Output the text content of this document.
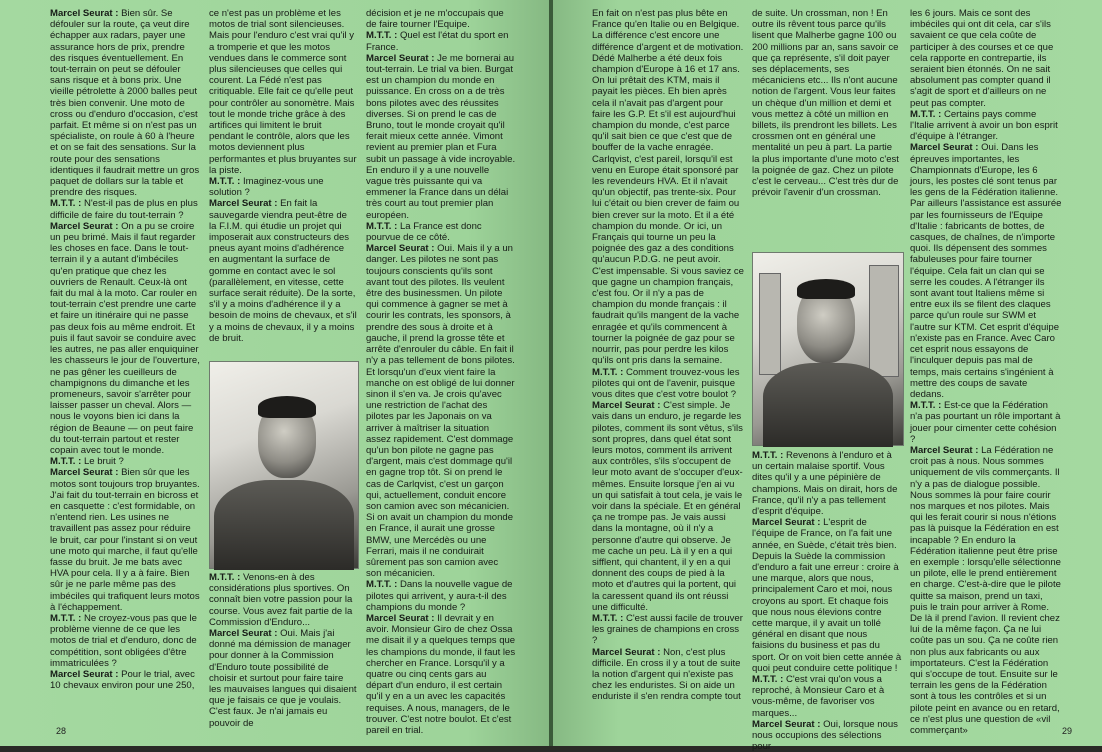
Marcel Seurat : Bien sûr. Se défouler sur la route, ça veut dire échapper aux radars, payer une assurance hors de prix, prendre des risques éventuellement. En tout-terrain on peut se défouler sans risque et à bons prix. Une vieille pétrolette à 2000 balles peut très bien convenir. Une moto de cross ou d'enduro d'occasion, c'est parfait. Et même si on n'est pas un spécialiste, on roule à 60 à l'heure et on se fait des sensations. Sur la route pour des sensations identiques il faudrait mettre un gros paquet de dollars sur la table et prendre des risques.

M.T.T. : N'est-il pas de plus en plus difficile de faire du tout-terrain ?

Marcel Seurat : On a pu se croire un peu brimé. Mais il faut regarder les choses en face. Dans le tout-terrain il y a autant d'imbéciles qu'en pratique que chez les ouvriers de Renault. Ceux-là ont fait du mal à la moto. Car rouler en tout-terrain c'est prendre une carte et faire un itinéraire qui ne passe pas deux fois au même endroit. Et puis il faut savoir se conduire avec les autres, ne pas aller enquiquiner les chasseurs le jour de l'ouverture, ne pas gêner les cueilleurs de champignons du dimanche et les promeneurs, savoir s'arrêter pour laisser passer un cheval. Alors —nous le voyons bien ici dans la région de Beaune — on peut faire du tout-terrain partout et rester copain avec tout le monde.

M.T.T. : Le bruit ?

Marcel Seurat : Bien sûr que les motos sont toujours trop bruyantes. J'ai fait du tout-terrain en bicross et en casquette : c'est formidable, on n'entend rien. Les usines ne travaillent pas assez pour réduire le bruit, car pour l'instant si on veut une moto qui marche, il faut qu'elle fasse du bruit. Je me bats avec HVA pour cela. Il y a à faire. Bien sûr je ne parle même pas des imbéciles qui trafiquent leurs motos à l'échappement.

M.T.T. : Ne croyez-vous pas que le problème vienne de ce que les motos de trial et d'enduro, donc de compétition, sont obligées d'être immatriculées ?

Marcel Seurat : Pour le trial, avec 10 chevaux environ pour une 250,

ce n'est pas un problème et les motos de trial sont silencieuses. Mais pour l'enduro c'est vrai qu'il y a tromperie et que les motos vendues dans le commerce sont plus silencieuses que celles qui courent. La Fédé n'est pas critiquable. Elle fait ce qu'elle peut pour contrôler au sonomètre. Mais tout le monde triche grâce à des artifices qui limitent le bruit pendant le contrôle, alors que les motos deviennent plus performantes et plus bruyantes sur la piste.

M.T.T. : Imaginez-vous une solution ?

Marcel Seurat : En fait la sauvegarde viendra peut-être de la F.I.M. qui étudie un projet qui imposerait aux constructeurs des pneus ayant moins d'adhérence en augmentant la surface de gomme en contact avec le sol (parallèlement, en vitesse, cette surface serait réduite). De la sorte, s'il y a moins d'adhérence il y a besoin de moins de chevaux, et s'il y a moins de chevaux, il y a moins de bruit.

M.T.T. : Venons-en à des considérations plus sportives. On connaît bien votre passion pour la course. Vous avez fait partie de la Commission d'Enduro...

Marcel Seurat : Oui. Mais j'ai donné ma démission de manager pour donner à la Commission d'Enduro toute possibilité de choisir et surtout pour faire taire les mauvaises langues qui disaient que je faisais ce que je voulais. C'est faux. Je n'ai jamais eu pouvoir de

décision et je ne m'occupais que de faire tourner l'Equipe.

M.T.T. : Quel est l'état du sport en France.

Marcel Seurat : Je me bornerai au tout-terrain. Le trial va bien. Burgat est un champion du monde en puissance. En cross on a de très bons pilotes avec des réussites diverses. Si on prend le cas de Bruno, tout le monde croyait qu'il ferait mieux cette année. Vimont revient au premier plan et Fura subit un passage à vide incroyable. En enduro il y a une nouvelle vague très puissante qui va emmener la France dans un délai très court au tout premier plan européen.

M.T.T. : La France est donc pourvue de ce côté.

Marcel Seurat : Oui. Mais il y a un danger. Les pilotes ne sont pas toujours conscients qu'ils sont avant tout des pilotes. Ils veulent être des businessmen. Un pilote qui commence à gagner se met à courir les contrats, les sponsors, à prendre des sous à droite et à gauche, il prend la grosse tête et arrête d'enrouler du câble. En fait il n'y a pas tellement de bons pilotes. Et lorsqu'un d'eux vient faire la manche on est obligé de lui donner sinon il s'en va. Je crois qu'avec une restriction de l'achat des pilotes par les Japonais on va arriver à maîtriser la situation assez rapidement. C'est dommage qu'un bon pilote ne gagne pas d'argent, mais c'est dommage qu'il en gagne trop tôt. Si on prend le cas de Carlqvist, c'est un garçon qui, actuellement, conduit encore son camion avec son mécanicien. Si on avait un champion du monde en France, il aurait une grosse BMW, une Mercédès ou une Ferrari, mais il ne conduirait sûrement pas son camion avec son mécanicien.

M.T.T. : Dans la nouvelle vague de pilotes qui arrivent, y aura-t-il des champions du monde ?

Marcel Seurat : Il devrait y en avoir. Monsieur Giro de chez Ossa me disait il y a quelques temps que les champions du monde, il faut les chercher en France. Lorsqu'il y a quatre ou cinq cents gars au départ d'un enduro, il est certain qu'il y en a un avec les capacités requises. A nous, managers, de le trouver. C'est notre boulot. Et c'est pareil en trial.

28

En fait on n'est pas plus bête en France qu'en Italie ou en Belgique. La différence c'est encore une différence d'argent et de motivation. Dédé Malherbe a été deux fois champion d'Europe à 16 et 17 ans. On lui prêtait des KTM, mais il payait les pièces. Eh bien après cela il n'avait pas d'argent pour faire les G.P. Et s'il est aujourd'hui champion du monde, c'est parce qu'il sait bien ce que c'est que de bouffer de la vache enragée. Carlqvist, c'est pareil, lorsqu'il est venu en Europe était sponsoré par les revendeurs HVA. Et il n'avait qu'un objectif, pas trente-six. Pour lui c'était ou bien crever de faim ou bien crever sur la moto. Et il a été champion du monde. Or ici, un Français qui tourne un peu la poignée des gaz a des conditions qu'aucun P.D.G. ne peut avoir. C'est impensable. Si vous saviez ce que gagne un champion français, c'est fou. Or il n'y a pas de champion du monde français : il faudrait qu'ils mangent de la vache enragée et qu'ils commencent à tourner la poignée de gaz pour se nourrir, pas pour perdre les kilos qu'ils ont pris dans la semaine.

M.T.T. : Comment trouvez-vous les pilotes qui ont de l'avenir, puisque vous dites que c'est votre boulot ?

Marcel Seurat : C'est simple. Je vais dans un enduro, je regarde les pilotes, comment ils sont vêtus, s'ils sont propres, dans quel état sont leurs motos, comment ils arrivent aux contrôles, s'ils s'occupent de leur moto avant de s'occuper d'eux-mêmes. Ensuite lorsque j'en ai vu un qui satisfait à tout cela, je vais le voir dans la spéciale. Et en général ça ne trompe pas. Je vais aussi dans la montagne, où il n'y a personne d'autre qui observe. Je me cache un peu. Là il y en a qui sifflent, qui chantent, il y en a qui donnent des coups de pied à la moto et d'autres qui la portent, qui la caressent quand ils ont réussi une difficulté.

M.T.T. : C'est aussi facile de trouver les graines de champions en cross ?

Marcel Seurat : Non, c'est plus difficile. En cross il y a tout de suite la notion d'argent qui n'existe pas chez les enduristes. Si on aide un enduriste il s'en rendra compte tout

de suite. Un crossman, non ! En outre ils rêvent tous parce qu'ils lisent que Malherbe gagne 100 ou 200 millions par an, sans savoir ce que ça représente, s'il doit payer ses déplacements, ses mécaniciens etc... Ils n'ont aucune notion de l'argent. Vous leur faites un chèque d'un million et demi et vous mettez à côté un million en billets, ils prendront les billets. Les crossmen ont en général une mentalité un peu à part. La partie la plus importante d'une moto c'est la poignée de gaz. Chez un pilote c'est le cerveau... C'est très dur de prévoir l'avenir d'un crossman.

M.T.T. : Revenons à l'enduro et à un certain malaise sportif. Vous dites qu'il y a une pépinière de champions. Mais on dirait, hors de France, qu'il n'y a pas tellement d'esprit d'équipe.

Marcel Seurat : L'esprit de l'équipe de France, on l'a fait une année, en Suède, c'était très bien. Depuis la Suède la commission d'enduro a fait une erreur : croire à une marque, alors que nous, principalement Caro et moi, nous croyons au sport. Et chaque fois que nous nous élevions contre cette marque, il y avait un tollé général en disant que nous faisions du business et pas du sport. Or on voit bien cette année à quoi peut conduire cette politique !

M.T.T. : C'est vrai qu'on vous a reproché, à Monsieur Caro et à vous-même, de favoriser vos marques...

Marcel Seurat : Oui, lorsque nous nous occupions des sélections pour

les 6 jours. Mais ce sont des imbéciles qui ont dit cela, car s'ils savaient ce que cela coûte de participer à des courses et ce que cela rapporte en contrepartie, ils seraient bien étonnés. On ne sait absolument pas compter quand il s'agit de sport et d'ailleurs on ne peut pas compter.

M.T.T. : Certains pays comme l'Italie arrivent à avoir un bon esprit d'équipe à l'étranger.

Marcel Seurat : Oui. Dans les épreuves importantes, les Championnats d'Europe, les 6 jours, les postes clé sont tenus par les gens de la Fédération italienne. Par ailleurs l'assistance est assurée par les fournisseurs de l'Equipe d'Italie : fabricants de bottes, de casques, de chaînes, de n'importe quoi. Ils dépensent des sommes fabuleuses pour faire tourner l'équipe. Cela fait un clan qui se serre les coudes. A l'étranger ils sont avant tout Italiens même si entre eux ils se filent des claques parce qu'un roule sur SWM et l'autre sur KTM. Cet esprit d'équipe n'existe pas en France. Avec Caro cet esprit nous essayons de l'inculquer depuis pas mal de temps, mais certains s'ingénient à mettre des coups de savate dedans.

M.T.T. : Est-ce que la Fédération n'a pas pourtant un rôle important à jouer pour cimenter cette cohésion ?

Marcel Seurat : La Fédération ne croit pas à nous. Nous sommes uniquement de vils commerçants. Il n'y a pas de dialogue possible. Nous sommes là pour faire courir nos marques et nos pilotes. Mais qui les ferait courir si nous n'étions pas là puisque la Fédération en est incapable ? En enduro la Fédération italienne peut être prise en exemple : lorsqu'elle sélectionne un pilote, elle le prend entièrement en charge. C'est-à-dire que le pilote quitte sa maison, prend un taxi, puis le train pour arriver à Rome. De là il prend l'avion. Il revient chez lui de la même façon. Ça ne lui coûte pas un sou. Ça ne coûte rien non plus aux fabricants ou aux importateurs. C'est la Fédération qui s'occupe de tout. Ensuite sur le terrain les gens de la Fédération sont à tous les contrôles et si un pilote peint en avance ou en retard, ce n'est plus une question de «vil commerçant»	29
